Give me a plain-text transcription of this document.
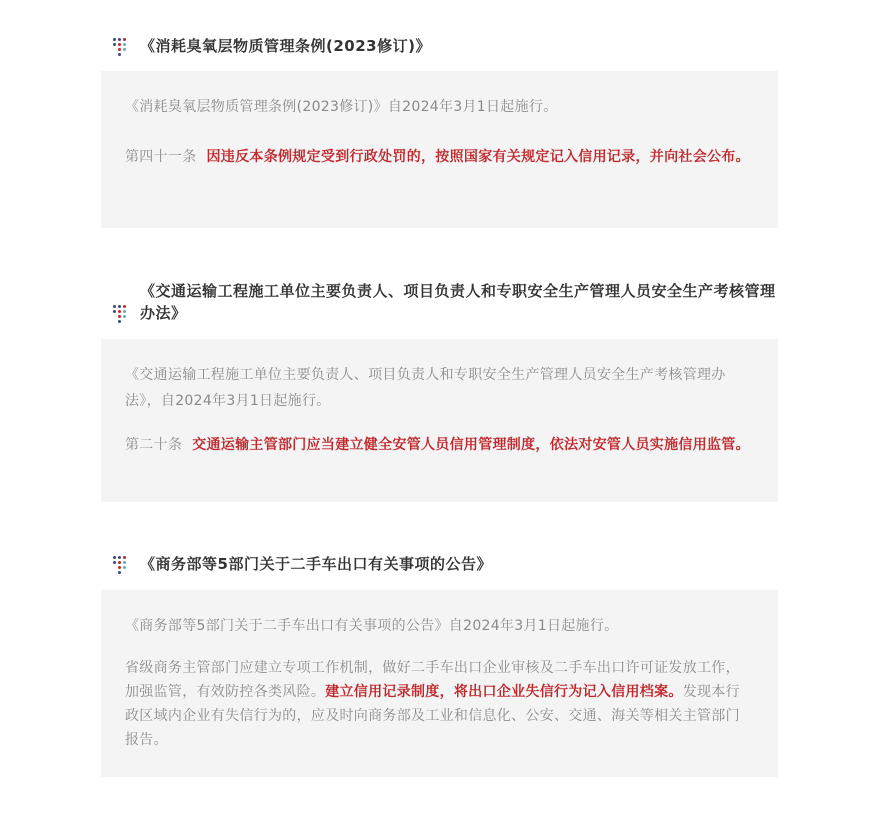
《消耗臭氧层物质管理条例(2023修订)》

《消耗臭氧层物质管理条例(2023修订)》自2024年3月1日起施行。

第四十一条 因违反本条例规定受到行政处罚的，按照国家有关规定记入信用记录，并向社会公布。

《交通运输工程施工单位主要负责人、项目负责人和专职安全生产管理人员安全生产考核管理办法》

《交通运输工程施工单位主要负责人、项目负责人和专职安全生产管理人员安全生产考核管理办法》，自2024年3月1日起施行。

第二十条 交通运输主管部门应当建立健全安管人员信用管理制度，依法对安管人员实施信用监管。

《商务部等5部门关于二手车出口有关事项的公告》

《商务部等5部门关于二手车出口有关事项的公告》自2024年3月1日起施行。

省级商务主管部门应建立专项工作机制，做好二手车出口企业审核及二手车出口许可证发放工作，加强监管，有效防控各类风险。建立信用记录制度，将出口企业失信行为记入信用档案。发现本行政区域内企业有失信行为的，应及时向商务部及工业和信息化、公安、交通、海关等相关主管部门报告。
